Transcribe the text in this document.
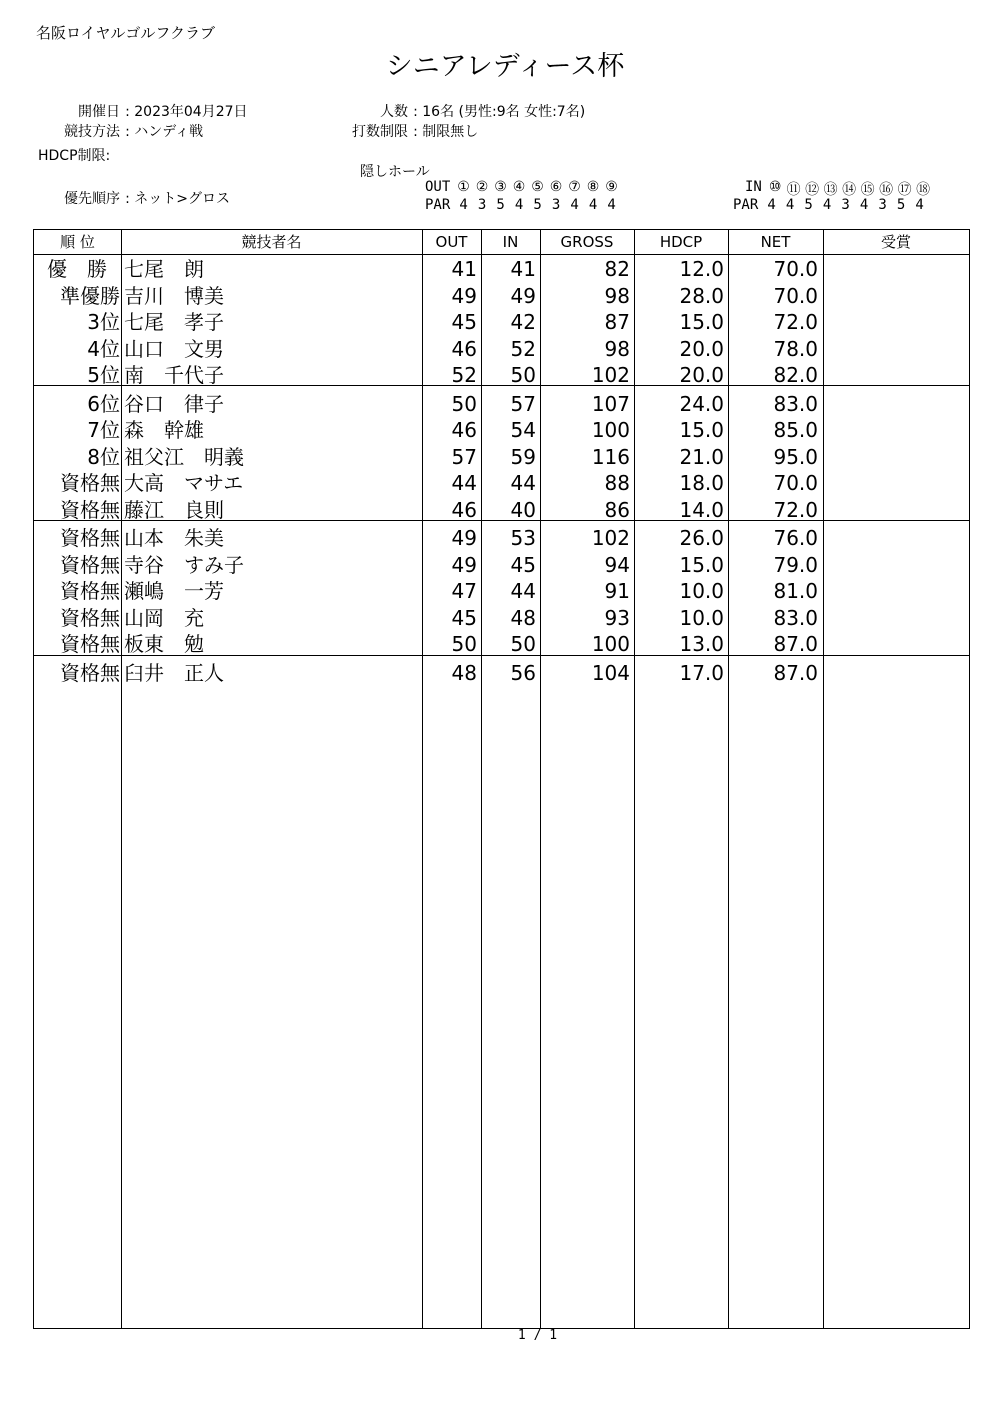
名阪ロイヤルゴルフクラブ
シニアレディース杯
開催日 : 2023年04月27日
競技方法 : ハンディ戦
HDCP制限:
優先順序 : ネット>グロス
人数 : 16名 (男性:9名 女性:7名)
打数制限 : 制限無し
隠しホール
OUT ① ② ③ ④ ⑤ ⑥ ⑦ ⑧ ⑨
PAR 4 3 5 4 5 3 4 4 4
IN ⑩ ⑪ ⑫ ⑬ ⑭ ⑮ ⑯ ⑰ ⑱
PAR 4 4 5 4 3 4 3 5 4
順 位	競技者名	OUT	IN	GROSS	HDCP	NET	受賞
優　勝 七尾　朗	41	41	82	12.0	70.0
準優勝 吉川　博美	49	49	98	28.0	70.0
3位 七尾　孝子	45	42	87	15.0	72.0
4位 山口　文男	46	52	98	20.0	78.0
5位 南　千代子	52	50	102	20.0	82.0
6位 谷口　律子	50	57	107	24.0	83.0
7位 森　幹雄	46	54	100	15.0	85.0
8位 祖父江　明義	57	59	116	21.0	95.0
資格無 大高　マサエ	44	44	88	18.0	70.0
資格無 藤江　良則	46	40	86	14.0	72.0
資格無 山本　朱美	49	53	102	26.0	76.0
資格無 寺谷　すみ子	49	45	94	15.0	79.0
資格無 瀬嶋　一芳	47	44	91	10.0	81.0
資格無 山岡　充	45	48	93	10.0	83.0
資格無 板東　勉	50	50	100	13.0	87.0
資格無 臼井　正人	48	56	104	17.0	87.0
1 / 1
